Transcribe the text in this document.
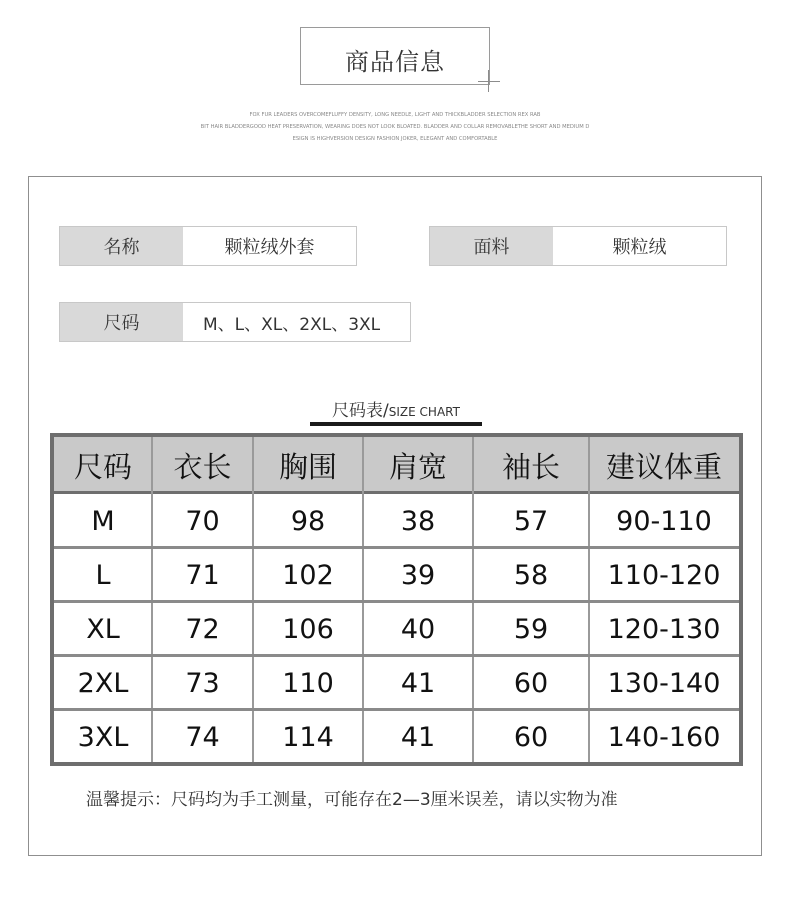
商品信息
FOX FUR LEADERS OVERCOMEFLUFFY DENSITY, LONG NEEDLE, LIGHT AND THICKBLADDER SELECTION REX RAB
BIT HAIR BLADDERGOOD HEAT PRESERVATION, WEARING DOES NOT LOOK BLOATED. BLADDER AND COLLAR REMOVABLETHE SHORT AND MEDIUM D
ESIGN IS HIGHVERSION DESIGN FASHION JOKER, ELEGANT AND COMFORTABLE
名称	颗粒绒外套	面料	颗粒绒
尺码	M、L、XL、2XL、3XL
尺码表/SIZE CHART
尺码	衣长	胸围	肩宽	袖长	建议体重
M	70	98	38	57	90-110
L	71	102	39	58	110-120
XL	72	106	40	59	120-130
2XL	73	110	41	60	130-140
3XL	74	114	41	60	140-160
温馨提示：尺码均为手工测量，可能存在2—3厘米误差，请以实物为准
